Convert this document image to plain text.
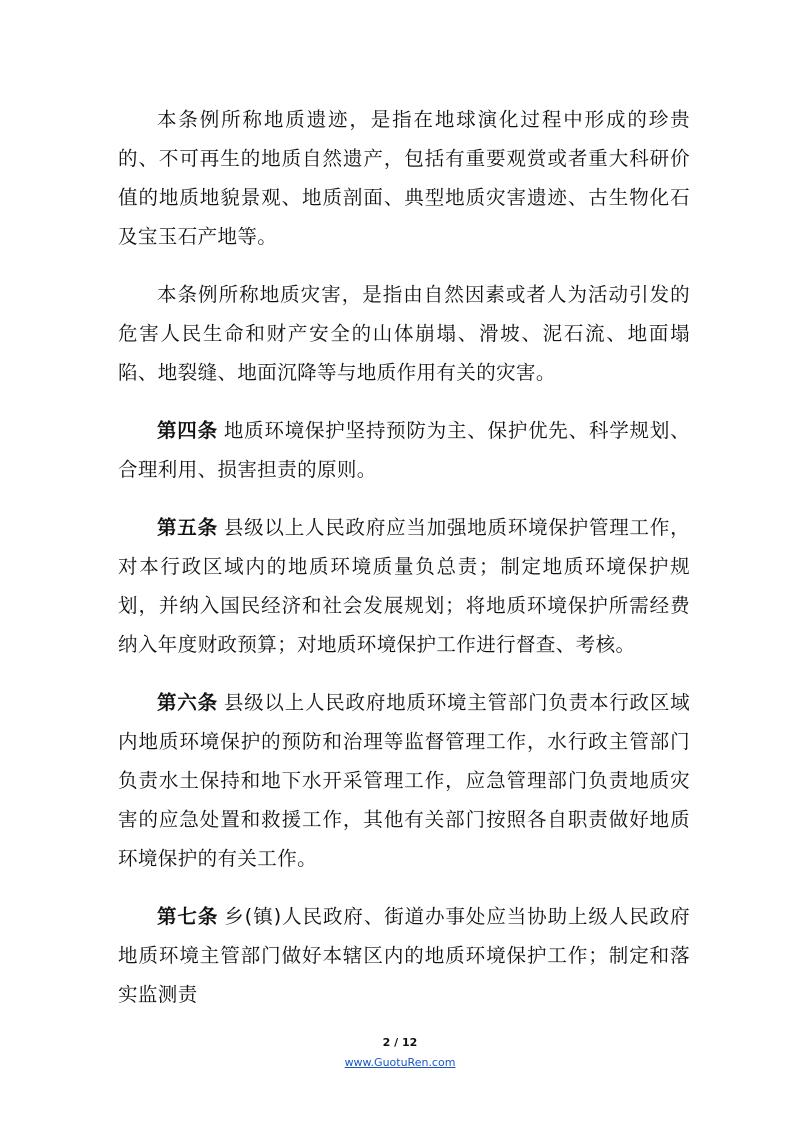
本条例所称地质遗迹，是指在地球演化过程中形成的珍贵的、不可再生的地质自然遗产，包括有重要观赏或者重大科研价值的地质地貌景观、地质剖面、典型地质灾害遗迹、古生物化石及宝玉石产地等。

本条例所称地质灾害，是指由自然因素或者人为活动引发的危害人民生命和财产安全的山体崩塌、滑坡、泥石流、地面塌陷、地裂缝、地面沉降等与地质作用有关的灾害。

第四条 地质环境保护坚持预防为主、保护优先、科学规划、合理利用、损害担责的原则。

第五条 县级以上人民政府应当加强地质环境保护管理工作，对本行政区域内的地质环境质量负总责；制定地质环境保护规划，并纳入国民经济和社会发展规划；将地质环境保护所需经费纳入年度财政预算；对地质环境保护工作进行督查、考核。

第六条 县级以上人民政府地质环境主管部门负责本行政区域内地质环境保护的预防和治理等监督管理工作，水行政主管部门负责水土保持和地下水开采管理工作，应急管理部门负责地质灾害的应急处置和救援工作，其他有关部门按照各自职责做好地质环境保护的有关工作。

第七条 乡(镇)人民政府、街道办事处应当协助上级人民政府地质环境主管部门做好本辖区内的地质环境保护工作；制定和落实监测责

2 / 12
www.GuotuRen.com
